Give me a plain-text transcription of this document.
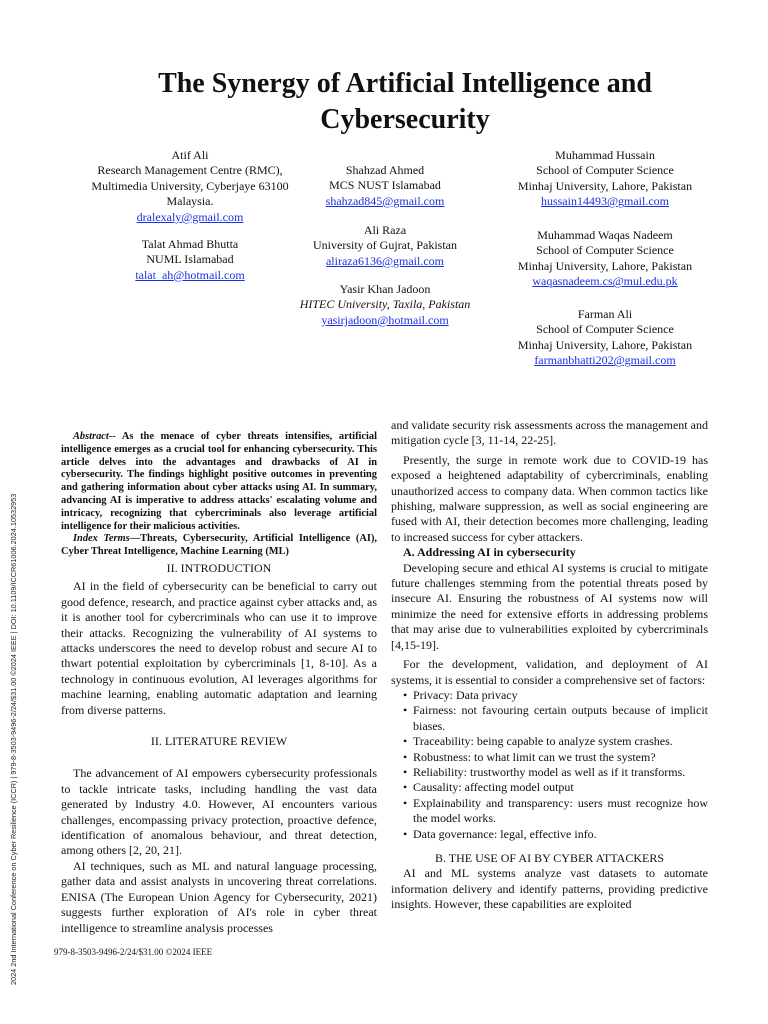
2024 2nd International Conference on Cyber Resilience (ICCR) | 979-8-3503-9496-2/24/$31.00 ©2024 IEEE | DOI: 10.1109/ICCR61006.2024.10532953
The Synergy of Artificial Intelligence and
Cybersecurity
Atif Ali
Research Management Centre (RMC),
Multimedia University, Cyberjaye 63100
Malaysia.
dralexaly@gmail.com
Talat Ahmad Bhutta
NUML Islamabad
talat_ah@hotmail.com
Shahzad Ahmed
MCS NUST Islamabad
shahzad845@gmail.com
Ali Raza
University of Gujrat, Pakistan
aliraza6136@gmail.com
Yasir Khan Jadoon
HITEC University, Taxila, Pakistan
yasirjadoon@hotmail.com
Muhammad Hussain
School of Computer Science
Minhaj University, Lahore, Pakistan
hussain14493@gmail.com
Muhammad Waqas Nadeem
School of Computer Science
Minhaj University, Lahore, Pakistan
waqasnadeem.cs@mul.edu.pk
Farman Ali
School of Computer Science
Minhaj University, Lahore, Pakistan
farmanbhatti202@gmail.com

Abstract-- As the menace of cyber threats intensifies, artificial intelligence emerges as a crucial tool for enhancing cybersecurity. This article delves into the advantages and drawbacks of AI in cybersecurity. The findings highlight positive outcomes in preventing and gathering information about cyber attacks using AI. In summary, advancing AI is imperative to address attacks' escalating volume and intricacy, recognizing that cybercriminals also leverage artificial intelligence for their malicious activities.

Index Terms—Threats, Cybersecurity, Artificial Intelligence (AI), Cyber Threat Intelligence, Machine Learning (ML)

II. INTRODUCTION

AI in the field of cybersecurity can be beneficial to carry out good defence, research, and practice against cyber attacks and, as it is another tool for cybercriminals who can use it to improve their attacks. Recognizing the vulnerability of AI systems to attacks underscores the need to develop robust and secure AI to thwart potential exploitation by cybercriminals [1, 8-10]. As a technology in continuous evolution, AI leverages algorithms for machine learning, enabling automatic adaptation and learning from diverse patterns.

II. LITERATURE REVIEW

The advancement of AI empowers cybersecurity professionals to tackle intricate tasks, including handling the vast data generated by Industry 4.0. However, AI encounters various challenges, encompassing privacy protection, proactive defence, identification of anomalous behaviour, and threat detection, among others [2, 20, 21].

AI techniques, such as ML and natural language processing, gather data and assist analysts in uncovering threat correlations. ENISA (The European Union Agency for Cybersecurity, 2021) suggests further exploration of AI's role in cyber threat intelligence to streamline analysis processes

and validate security risk assessments across the management and mitigation cycle [3, 11-14, 22-25].

Presently, the surge in remote work due to COVID-19 has exposed a heightened adaptability of cybercriminals, enabling unauthorized access to company data. When common tactics like phishing, malware suppression, as well as social engineering are fused with AI, their detection becomes more challenging, leading to increased success for cyber attackers.

A. Addressing AI in cybersecurity

Developing secure and ethical AI systems is crucial to mitigate future challenges stemming from the potential threats posed by insecure AI. Ensuring the robustness of AI systems now will minimize the need for extensive efforts in addressing problems that may arise due to vulnerabilities exploited by cybercriminals [4,15-19].

For the development, validation, and deployment of AI systems, it is essential to consider a comprehensive set of factors:

• Privacy: Data privacy
• Fairness: not favouring certain outputs because of implicit biases.
• Traceability: being capable to analyze system crashes.
• Robustness: to what limit can we trust the system?
• Reliability: trustworthy model as well as if it transforms.
• Causality: affecting model output
• Explainability and transparency: users must recognize how the model works.
• Data governance: legal, effective info.

B. THE USE OF AI BY CYBER ATTACKERS

AI and ML systems analyze vast datasets to automate information delivery and identify patterns, providing predictive insights. However, these capabilities are exploited

979-8-3503-9496-2/24/$31.00 ©2024 IEEE
